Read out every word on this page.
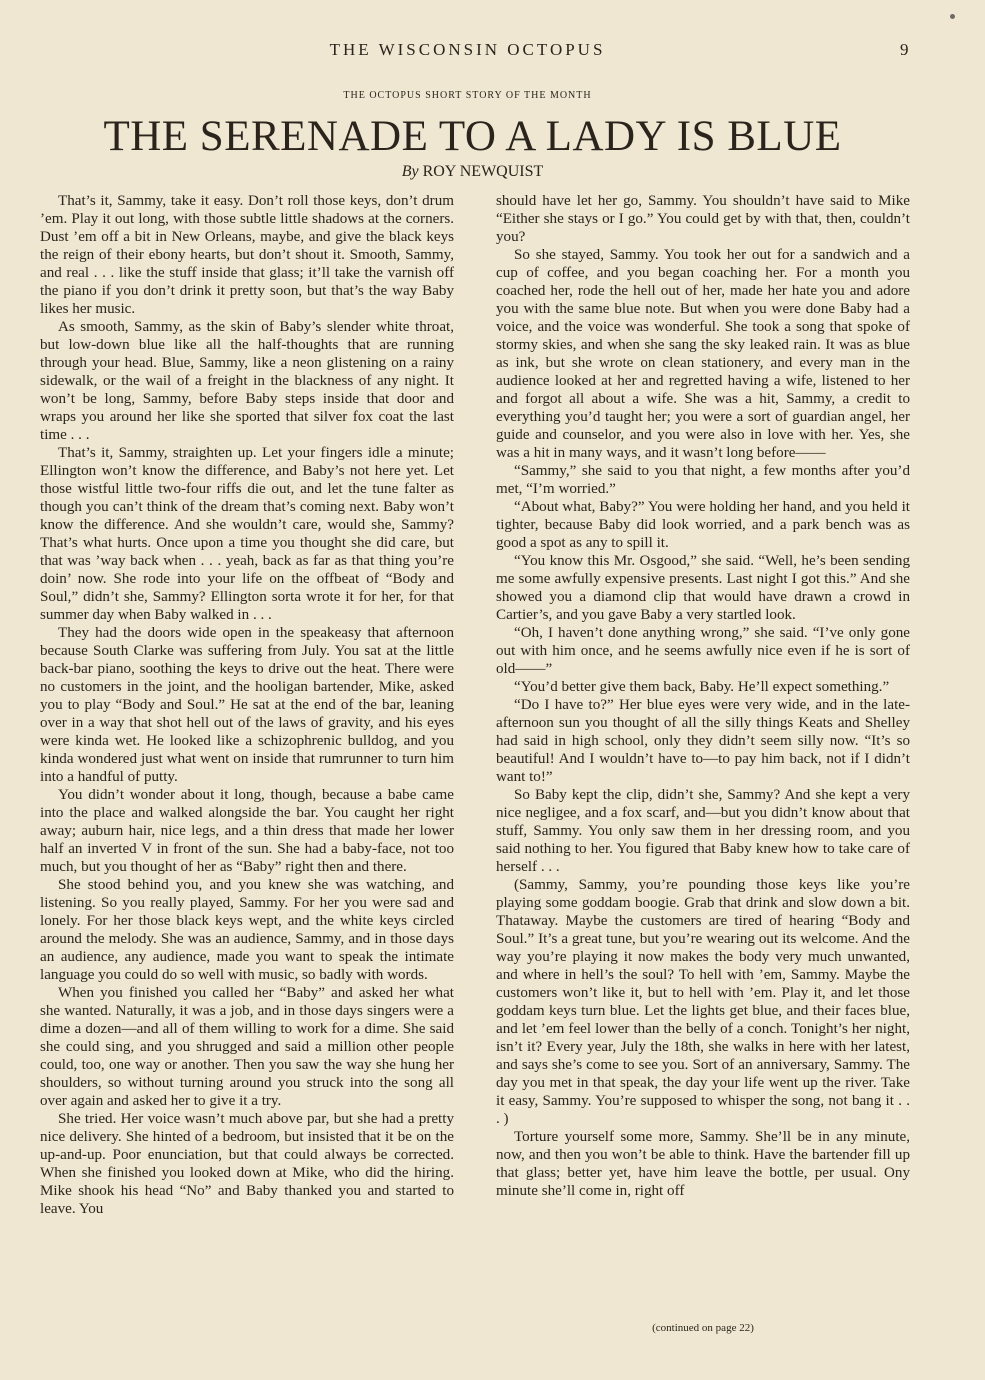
THE WISCONSIN OCTOPUS	9
THE OCTOPUS SHORT STORY OF THE MONTH
THE SERENADE TO A LADY IS BLUE
By ROY NEWQUIST

That’s it, Sammy, take it easy. Don’t roll those keys, don’t drum ’em. Play it out long, with those subtle little shadows at the corners. Dust ’em off a bit in New Orleans, maybe, and give the black keys the reign of their ebony hearts, but don’t shout it. Smooth, Sammy, and real . . . like the stuff inside that glass; it’ll take the varnish off the piano if you don’t drink it pretty soon, but that’s the way Baby likes her music.

As smooth, Sammy, as the skin of Baby’s slender white throat, but low-down blue like all the half-thoughts that are running through your head. Blue, Sammy, like a neon glistening on a rainy sidewalk, or the wail of a freight in the blackness of any night. It won’t be long, Sammy, before Baby steps inside that door and wraps you around her like she sported that silver fox coat the last time . . .

That’s it, Sammy, straighten up. Let your fingers idle a minute; Ellington won’t know the difference, and Baby’s not here yet. Let those wistful little two-four riffs die out, and let the tune falter as though you can’t think of the dream that’s coming next. Baby won’t know the difference. And she wouldn’t care, would she, Sammy? That’s what hurts. Once upon a time you thought she did care, but that was ’way back when . . . yeah, back as far as that thing you’re doin’ now. She rode into your life on the offbeat of “Body and Soul,” didn’t she, Sammy? Ellington sorta wrote it for her, for that summer day when Baby walked in . . .

They had the doors wide open in the speakeasy that afternoon because South Clarke was suffering from July. You sat at the little back-bar piano, soothing the keys to drive out the heat. There were no customers in the joint, and the hooligan bartender, Mike, asked you to play “Body and Soul.” He sat at the end of the bar, leaning over in a way that shot hell out of the laws of gravity, and his eyes were kinda wet. He looked like a schizophrenic bulldog, and you kinda wondered just what went on inside that rumrunner to turn him into a handful of putty.

You didn’t wonder about it long, though, because a babe came into the place and walked alongside the bar. You caught her right away; auburn hair, nice legs, and a thin dress that made her lower half an inverted V in front of the sun. She had a baby-face, not too much, but you thought of her as “Baby” right then and there.

She stood behind you, and you knew she was watching, and listening. So you really played, Sammy. For her you were sad and lonely. For her those black keys wept, and the white keys circled around the melody. She was an audience, Sammy, and in those days an audience, any audience, made you want to speak the intimate language you could do so well with music, so badly with words.

When you finished you called her “Baby” and asked her what she wanted. Naturally, it was a job, and in those days singers were a dime a dozen—and all of them willing to work for a dime. She said she could sing, and you shrugged and said a million other people could, too, one way or another. Then you saw the way she hung her shoulders, so without turning around you struck into the song all over again and asked her to give it a try.

She tried. Her voice wasn’t much above par, but she had a pretty nice delivery. She hinted of a bedroom, but insisted that it be on the up-and-up. Poor enunciation, but that could always be corrected. When she finished you looked down at Mike, who did the hiring. Mike shook his head “No” and Baby thanked you and started to leave. You

should have let her go, Sammy. You shouldn’t have said to Mike “Either she stays or I go.” You could get by with that, then, couldn’t you?

So she stayed, Sammy. You took her out for a sandwich and a cup of coffee, and you began coaching her. For a month you coached her, rode the hell out of her, made her hate you and adore you with the same blue note. But when you were done Baby had a voice, and the voice was wonderful. She took a song that spoke of stormy skies, and when she sang the sky leaked rain. It was as blue as ink, but she wrote on clean stationery, and every man in the audience looked at her and regretted having a wife, listened to her and forgot all about a wife. She was a hit, Sammy, a credit to everything you’d taught her; you were a sort of guardian angel, her guide and counselor, and you were also in love with her. Yes, she was a hit in many ways, and it wasn’t long before——

“Sammy,” she said to you that night, a few months after you’d met, “I’m worried.”

“About what, Baby?” You were holding her hand, and you held it tighter, because Baby did look worried, and a park bench was as good a spot as any to spill it.

“You know this Mr. Osgood,” she said. “Well, he’s been sending me some awfully expensive presents. Last night I got this.” And she showed you a diamond clip that would have drawn a crowd in Cartier’s, and you gave Baby a very startled look.

“Oh, I haven’t done anything wrong,” she said. “I’ve only gone out with him once, and he seems awfully nice even if he is sort of old——”

“You’d better give them back, Baby. He’ll expect something.”

“Do I have to?” Her blue eyes were very wide, and in the late-afternoon sun you thought of all the silly things Keats and Shelley had said in high school, only they didn’t seem silly now. “It’s so beautiful! And I wouldn’t have to—to pay him back, not if I didn’t want to!”

So Baby kept the clip, didn’t she, Sammy? And she kept a very nice negligee, and a fox scarf, and—but you didn’t know about that stuff, Sammy. You only saw them in her dressing room, and you said nothing to her. You figured that Baby knew how to take care of herself . . .

(Sammy, Sammy, you’re pounding those keys like you’re playing some goddam boogie. Grab that drink and slow down a bit. Thataway. Maybe the customers are tired of hearing “Body and Soul.” It’s a great tune, but you’re wearing out its welcome. And the way you’re playing it now makes the body very much unwanted, and where in hell’s the soul? To hell with ’em, Sammy. Maybe the customers won’t like it, but to hell with ’em. Play it, and let those goddam keys turn blue. Let the lights get blue, and their faces blue, and let ’em feel lower than the belly of a conch. Tonight’s her night, isn’t it? Every year, July the 18th, she walks in here with her latest, and says she’s come to see you. Sort of an anniversary, Sammy. The day you met in that speak, the day your life went up the river. Take it easy, Sammy. You’re supposed to whisper the song, not bang it . . . )

Torture yourself some more, Sammy. She’ll be in any minute, now, and then you won’t be able to think. Have the bartender fill up that glass; better yet, have him leave the bottle, per usual. Ony minute she’ll come in, right off

(continued on page 22)
